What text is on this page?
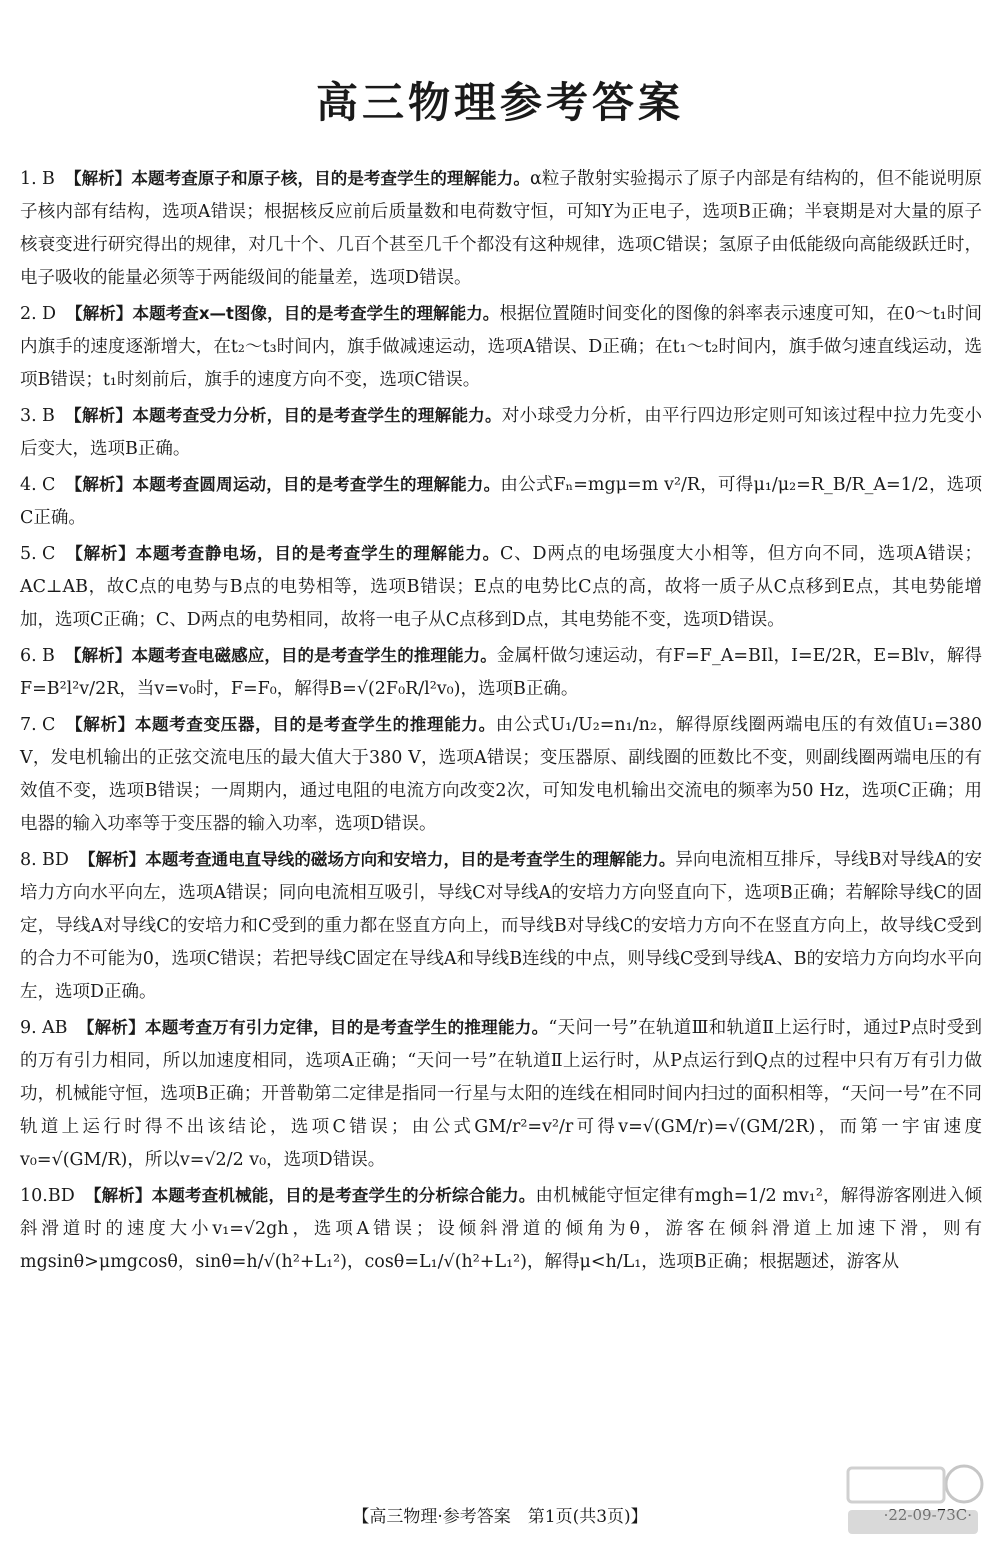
高三物理参考答案
1. B 【解析】本题考查原子和原子核，目的是考查学生的理解能力。α粒子散射实验揭示了原子内部是有结构的，但不能说明原子核内部有结构，选项A错误；根据核反应前后质量数和电荷数守恒，可知Y为正电子，选项B正确；半衰期是对大量的原子核衰变进行研究得出的规律，对几十个、几百个甚至几千个都没有这种规律，选项C错误；氢原子由低能级向高能级跃迁时，电子吸收的能量必须等于两能级间的能量差，选项D错误。
2. D 【解析】本题考查x—t图像，目的是考查学生的理解能力。根据位置随时间变化的图像的斜率表示速度可知，在0～t₁时间内旗手的速度逐渐增大，在t₂～t₃时间内，旗手做减速运动，选项A错误、D正确；在t₁～t₂时间内，旗手做匀速直线运动，选项B错误；t₁时刻前后，旗手的速度方向不变，选项C错误。
3. B 【解析】本题考查受力分析，目的是考查学生的理解能力。对小球受力分析，由平行四边形定则可知该过程中拉力先变小后变大，选项B正确。
4. C 【解析】本题考查圆周运动，目的是考查学生的理解能力。由公式Fₙ=mgμ=m v²/R，可得μ₁/μ₂=R_B/R_A=1/2，选项C正确。
5. C 【解析】本题考查静电场，目的是考查学生的理解能力。C、D两点的电场强度大小相等，但方向不同，选项A错误；AC⊥AB，故C点的电势与B点的电势相等，选项B错误；E点的电势比C点的高，故将一质子从C点移到E点，其电势能增加，选项C正确；C、D两点的电势相同，故将一电子从C点移到D点，其电势能不变，选项D错误。
6. B 【解析】本题考查电磁感应，目的是考查学生的推理能力。金属杆做匀速运动，有F=F_A=BIl，I=E/2R，E=Blv，解得F=B²l²v/2R，当v=v₀时，F=F₀，解得B=√(2F₀R/l²v₀)，选项B正确。
7. C 【解析】本题考查变压器，目的是考查学生的推理能力。由公式U₁/U₂=n₁/n₂，解得原线圈两端电压的有效值U₁=380 V，发电机输出的正弦交流电压的最大值大于380 V，选项A错误；变压器原、副线圈的匝数比不变，则副线圈两端电压的有效值不变，选项B错误；一周期内，通过电阻的电流方向改变2次，可知发电机输出交流电的频率为50 Hz，选项C正确；用电器的输入功率等于变压器的输入功率，选项D错误。
8. BD 【解析】本题考查通电直导线的磁场方向和安培力，目的是考查学生的理解能力。异向电流相互排斥，导线B对导线A的安培力方向水平向左，选项A错误；同向电流相互吸引，导线C对导线A的安培力方向竖直向下，选项B正确；若解除导线C的固定，导线A对导线C的安培力和C受到的重力都在竖直方向上，而导线B对导线C的安培力方向不在竖直方向上，故导线C受到的合力不可能为0，选项C错误；若把导线C固定在导线A和导线B连线的中点，则导线C受到导线A、B的安培力方向均水平向左，选项D正确。
9. AB 【解析】本题考查万有引力定律，目的是考查学生的推理能力。“天问一号”在轨道Ⅲ和轨道Ⅱ上运行时，通过P点时受到的万有引力相同，所以加速度相同，选项A正确；“天问一号”在轨道Ⅱ上运行时，从P点运行到Q点的过程中只有万有引力做功，机械能守恒，选项B正确；开普勒第二定律是指同一行星与太阳的连线在相同时间内扫过的面积相等，“天问一号”在不同轨道上运行时得不出该结论，选项C错误；由公式GM/r²=v²/r可得v=√(GM/r)=√(GM/2R)，而第一宇宙速度v₀=√(GM/R)，所以v=√2/2 v₀，选项D错误。
10.BD 【解析】本题考查机械能，目的是考查学生的分析综合能力。由机械能守恒定律有mgh=1/2 mv₁²，解得游客刚进入倾斜滑道时的速度大小v₁=√2gh，选项A错误；设倾斜滑道的倾角为θ，游客在倾斜滑道上加速下滑，则有mgsinθ>μmgcosθ，sinθ=h/√(h²+L₁²)，cosθ=L₁/√(h²+L₁²)，解得μ<h/L₁，选项B正确；根据题述，游客从
【高三物理·参考答案　第1页(共3页)】
